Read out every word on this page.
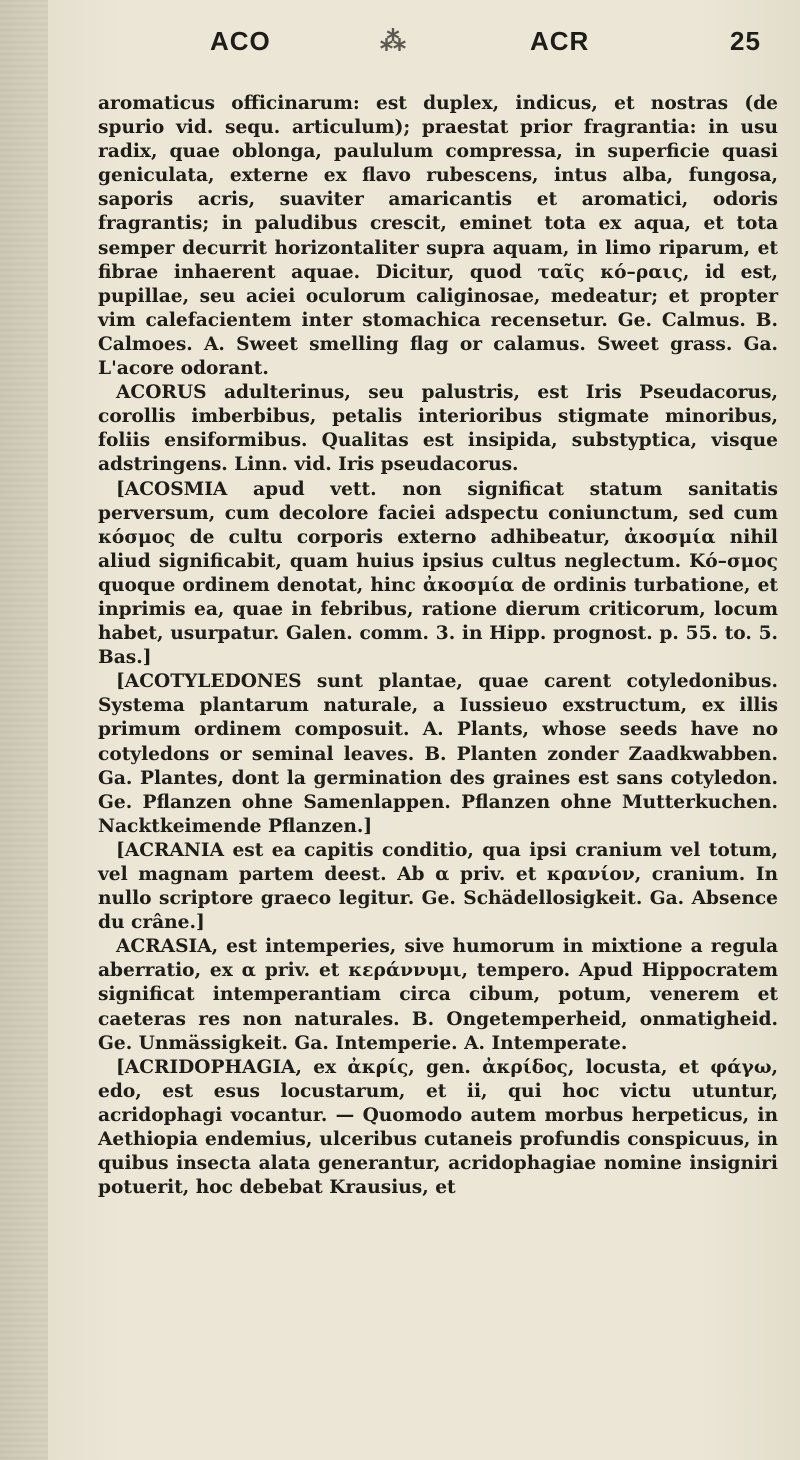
ACO	⁂	ACR	25

aromaticus officinarum: est duplex, indicus, et nostras (de spurio vid. sequ. articulum); praestat prior fragrantia: in usu radix, quae oblonga, paululum compressa, in superficie quasi geniculata, externe ex flavo rubescens, intus alba, fungosa, saporis acris, suaviter amaricantis et aromatici, odoris fragrantis; in paludibus crescit, eminet tota ex aqua, et tota semper decurrit horizontaliter supra aquam, in limo riparum, et fibrae inhaerent aquae. Dicitur, quod ταῖς κό–ραις, id est, pupillae, seu aciei oculorum caliginosae, medeatur; et propter vim calefacientem inter stomachica recensetur. Ge. Calmus. B. Calmoes. A. Sweet smelling flag or calamus. Sweet grass. Ga. L'acore odorant.

ACORUS adulterinus, seu palustris, est Iris Pseudacorus, corollis imberbibus, petalis interioribus stigmate minoribus, foliis ensiformibus. Qualitas est insipida, substyptica, visque adstringens. Linn. vid. Iris pseudacorus.

[ACOSMIA apud vett. non significat statum sanitatis perversum, cum decolore faciei adspectu coniunctum, sed cum κόσμος de cultu corporis externo adhibeatur, ἀκοσμία nihil aliud significabit, quam huius ipsius cultus neglectum. Κό–σμος quoque ordinem denotat, hinc ἀκοσμία de ordinis turbatione, et inprimis ea, quae in febribus, ratione dierum criticorum, locum habet, usurpatur. Galen. comm. 3. in Hipp. prognost. p. 55. to. 5. Bas.]

[ACOTYLEDONES sunt plantae, quae carent cotyledonibus. Systema plantarum naturale, a Iussieuo exstructum, ex illis primum ordinem composuit. A. Plants, whose seeds have no cotyledons or seminal leaves. B. Planten zonder Zaadkwabben. Ga. Plantes, dont la germination des graines est sans cotyledon. Ge. Pflanzen ohne Samenlappen. Pflanzen ohne Mutterkuchen. Nacktkeimende Pflanzen.]

[ACRANIA est ea capitis conditio, qua ipsi cranium vel totum, vel magnam partem deest. Ab α priv. et κρανίον, cranium. In nullo scriptore graeco legitur. Ge. Schädellosigkeit. Ga. Absence du crâne.]

ACRASIA, est intemperies, sive humorum in mixtione a regula aberratio, ex α priv. et κεράννυμι, tempero. Apud Hippocratem significat intemperantiam circa cibum, potum, venerem et caeteras res non naturales. B. Ongetemperheid, onmatigheid. Ge. Unmässigkeit. Ga. Intemperie. A. Intemperate.

[ACRIDOPHAGIA, ex ἀκρίς, gen. ἀκρίδος, locusta, et φάγω, edo, est esus locustarum, et ii, qui hoc victu utuntur, acridophagi vocantur. — Quomodo autem morbus herpeticus, in Aethiopia endemius, ulceribus cutaneis profundis conspicuus, in quibus insecta alata generantur, acridophagiae nomine insigniri potuerit, hoc debebat Krausius, et
